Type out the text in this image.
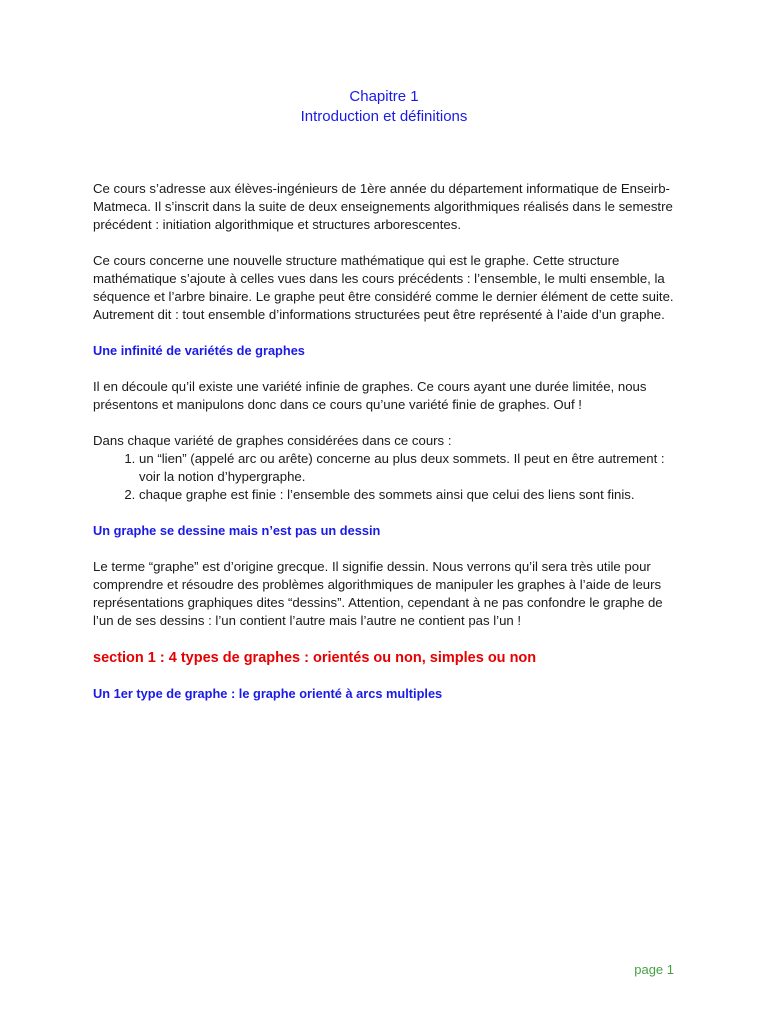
Chapitre 1
Introduction et définitions

Ce cours s’adresse aux élèves-ingénieurs de 1ère année du département informatique de Enseirb-Matmeca. Il s’inscrit dans la suite de deux enseignements algorithmiques réalisés dans le semestre précédent : initiation algorithmique et structures arborescentes.

Ce cours concerne une nouvelle structure mathématique qui est le graphe. Cette structure mathématique s’ajoute à celles vues dans les cours précédents : l’ensemble, le multi ensemble, la séquence et l’arbre binaire. Le graphe peut être considéré comme le dernier élément de cette suite. Autrement dit : tout ensemble d’informations structurées peut être représenté à l’aide d’un graphe.

Une infinité de variétés de graphes

Il en découle qu’il existe une variété infinie de graphes. Ce cours ayant une durée limitée, nous présentons et manipulons donc dans ce cours qu’une variété finie de graphes. Ouf !

Dans chaque variété de graphes considérées dans ce cours :

1. un “lien” (appelé arc ou arête) concerne au plus deux sommets. Il peut en être autrement : voir la notion d’hypergraphe.
2. chaque graphe est finie : l’ensemble des sommets ainsi que celui des liens sont finis.
Un graphe se dessine mais n’est pas un dessin

Le terme “graphe” est d’origine grecque. Il signifie dessin. Nous verrons qu’il sera très utile pour comprendre et résoudre des problèmes algorithmiques de manipuler les graphes à l’aide de leurs représentations graphiques dites “dessins”. Attention, cependant à ne pas confondre le graphe de l’un de ses dessins : l’un contient l’autre mais l’autre ne contient pas l’un !

section 1 : 4 types de graphes : orientés ou non, simples ou non
Un 1er type de graphe : le graphe orienté à arcs multiples
page 1
